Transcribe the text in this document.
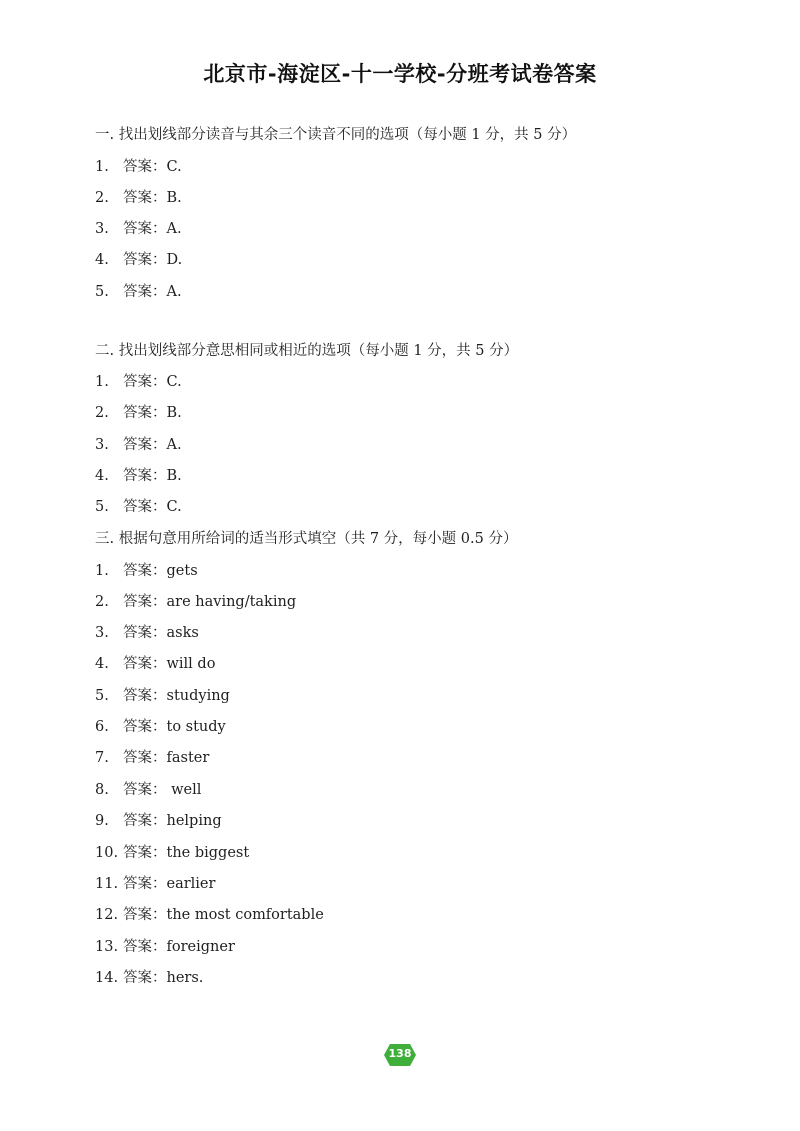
北京市-海淀区-十一学校-分班考试卷答案
一. 找出划线部分读音与其余三个读音不同的选项（每小题 1 分，共 5 分）
1. 答案：C.
2. 答案：B.
3. 答案：A.
4. 答案：D.
5. 答案：A.
二. 找出划线部分意思相同或相近的选项（每小题 1 分，共 5 分）
1. 答案：C.
2. 答案：B.
3. 答案：A.
4. 答案：B.
5. 答案：C.
三. 根据句意用所给词的适当形式填空（共 7 分，每小题 0.5 分）
1. 答案：gets
2. 答案：are having/taking
3. 答案：asks
4. 答案：will do
5. 答案：studying
6. 答案：to study
7. 答案：faster
8. 答案： well
9. 答案：helping
10. 答案：the biggest
11. 答案：earlier
12. 答案：the most comfortable
13. 答案：foreigner
14. 答案：hers.
138
